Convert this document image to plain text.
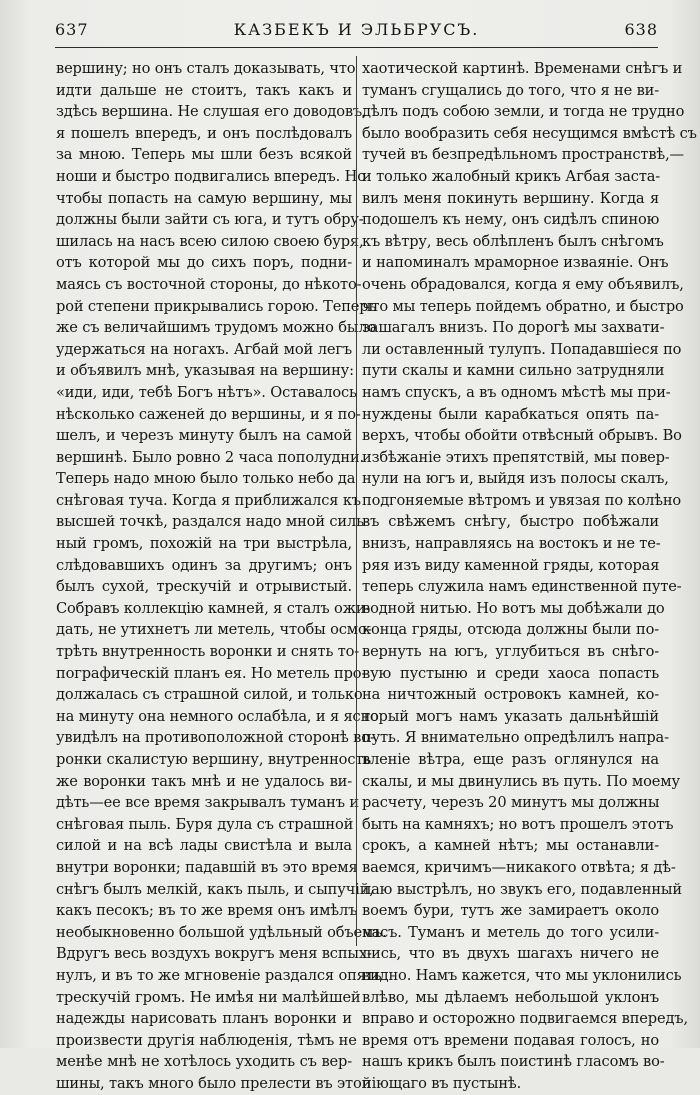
637	КАЗБЕКЪ И ЭЛЬБРУСЪ.	638
вершину; но онъ сталъ доказывать, что
идти дальше не стоитъ, такъ какъ и
здѣсь вершина. Не слушая его доводовъ,
я пошелъ впередъ, и онъ послѣдовалъ
за мною. Теперь мы шли безъ всякой
ноши и быстро подвигались впередъ. Но
чтобы попасть на самую вершину, мы
должны были зайти съ юга, и тутъ обру-
шилась на насъ всею силою своею буря,
отъ которой мы до сихъ поръ, подни-
маясь съ восточной стороны, до нѣкото-
рой степени прикрывались горою. Теперь
же съ величайшимъ трудомъ можно было
удержаться на ногахъ. Агбай мой легъ
и объявилъ мнѣ, указывая на вершину:
«иди, иди, тебѣ Богъ нѣтъ». Оставалось
нѣсколько саженей до вершины, и я по-
шелъ, и черезъ минуту былъ на самой
вершинѣ. Было ровно 2 часа пополудни.
Теперь надо мною было только небо да
снѣговая туча. Когда я приближался къ
высшей точкѣ, раздался надо мной силь-
ный громъ, похожій на три выстрѣла,
слѣдовавшихъ одинъ за другимъ; онъ
былъ сухой, трескучій и отрывистый.
Собравъ коллекцію камней, я сталъ ожи-
дать, не утихнетъ ли метель, чтобы осмо-
трѣть внутренность воронки и снять то-
пографическій планъ ея. Но метель про-
должалась съ страшной силой, и только
на минуту она немного ослабѣла, и я ясно
увидѣлъ на противоположной сторонѣ во-
ронки скалистую вершину, внутренность
же воронки такъ мнѣ и не удалось ви-
дѣть—ее все время закрывалъ туманъ и
снѣговая пыль. Буря дула съ страшной
силой и на всѣ лады свистѣла и выла
внутри воронки; падавшій въ это время
снѣгъ былъ мелкій, какъ пыль, и сыпучій,
какъ песокъ; въ то же время онъ имѣлъ
необыкновенно большой удѣльный объемъ.
Вдругъ весь воздухъ вокругъ меня вспых-
нулъ, и въ то же мгновеніе раздался опять
трескучій громъ. Не имѣя ни малѣйшей
надежды нарисовать планъ воронки и
произвести другія наблюденія, тѣмъ не
менѣе мнѣ не хотѣлось уходить съ вер-
шины, такъ много было прелести въ этой
хаотической картинѣ. Временами снѣгъ и
туманъ сгущались до того, что я не ви-
дѣлъ подъ собою земли, и тогда не трудно
было вообразить себя несущимся вмѣстѣ съ
тучей въ безпредѣльномъ пространствѣ,—
и только жалобный крикъ Агбая заста-
вилъ меня покинуть вершину. Когда я
подошелъ къ нему, онъ сидѣлъ спиною
къ вѣтру, весь облѣпленъ былъ снѣгомъ
и напоминалъ мраморное изваяніе. Онъ
очень обрадовался, когда я ему объявилъ,
что мы теперь пойдемъ обратно, и быстро
зашагалъ внизъ. По дорогѣ мы захвати-
ли оставленный тулупъ. Попадавшіеся по
пути скалы и камни сильно затрудняли
намъ спускъ, а въ одномъ мѣстѣ мы при-
нуждены были карабкаться опять па-
верхъ, чтобы обойти отвѣсный обрывъ. Во
избѣжаніе этихъ препятствій, мы повер-
нули на югъ и, выйдя изъ полосы скалъ,
подгоняемые вѣтромъ и увязая по колѣно
въ свѣжемъ снѣгу, быстро побѣжали
внизъ, направляясь на востокъ и не те-
ряя изъ виду каменной гряды, которая
теперь служила намъ единственной путе-
водной нитью. Но вотъ мы добѣжали до
конца гряды, отсюда должны были по-
вернуть на югъ, углубиться въ снѣго-
вую пустыню и среди хаоса попасть
на ничтожный островокъ камней, ко-
торый могъ намъ указать дальнѣйшій
путь. Я внимательно опредѣлилъ напра-
вленіе вѣтра, еще разъ оглянулся на
скалы, и мы двинулись въ путь. По моему
расчету, черезъ 20 минутъ мы должны
быть на камняхъ; но вотъ прошелъ этотъ
срокъ, а камней нѣтъ; мы останавли-
ваемся, кричимъ—никакого отвѣта; я дѣ-
лаю выстрѣлъ, но звукъ его, подавленный
воемъ бури, тутъ же замираетъ около
насъ. Туманъ и метель до того усили-
лись, что въ двухъ шагахъ ничего не
видно. Намъ кажется, что мы уклонились
влѣво, мы дѣлаемъ небольшой уклонъ
вправо и осторожно подвигаемся впередъ,
время отъ времени подавая голосъ, но
нашъ крикъ былъ поистинѣ гласомъ во-
піющаго въ пустынѣ.
